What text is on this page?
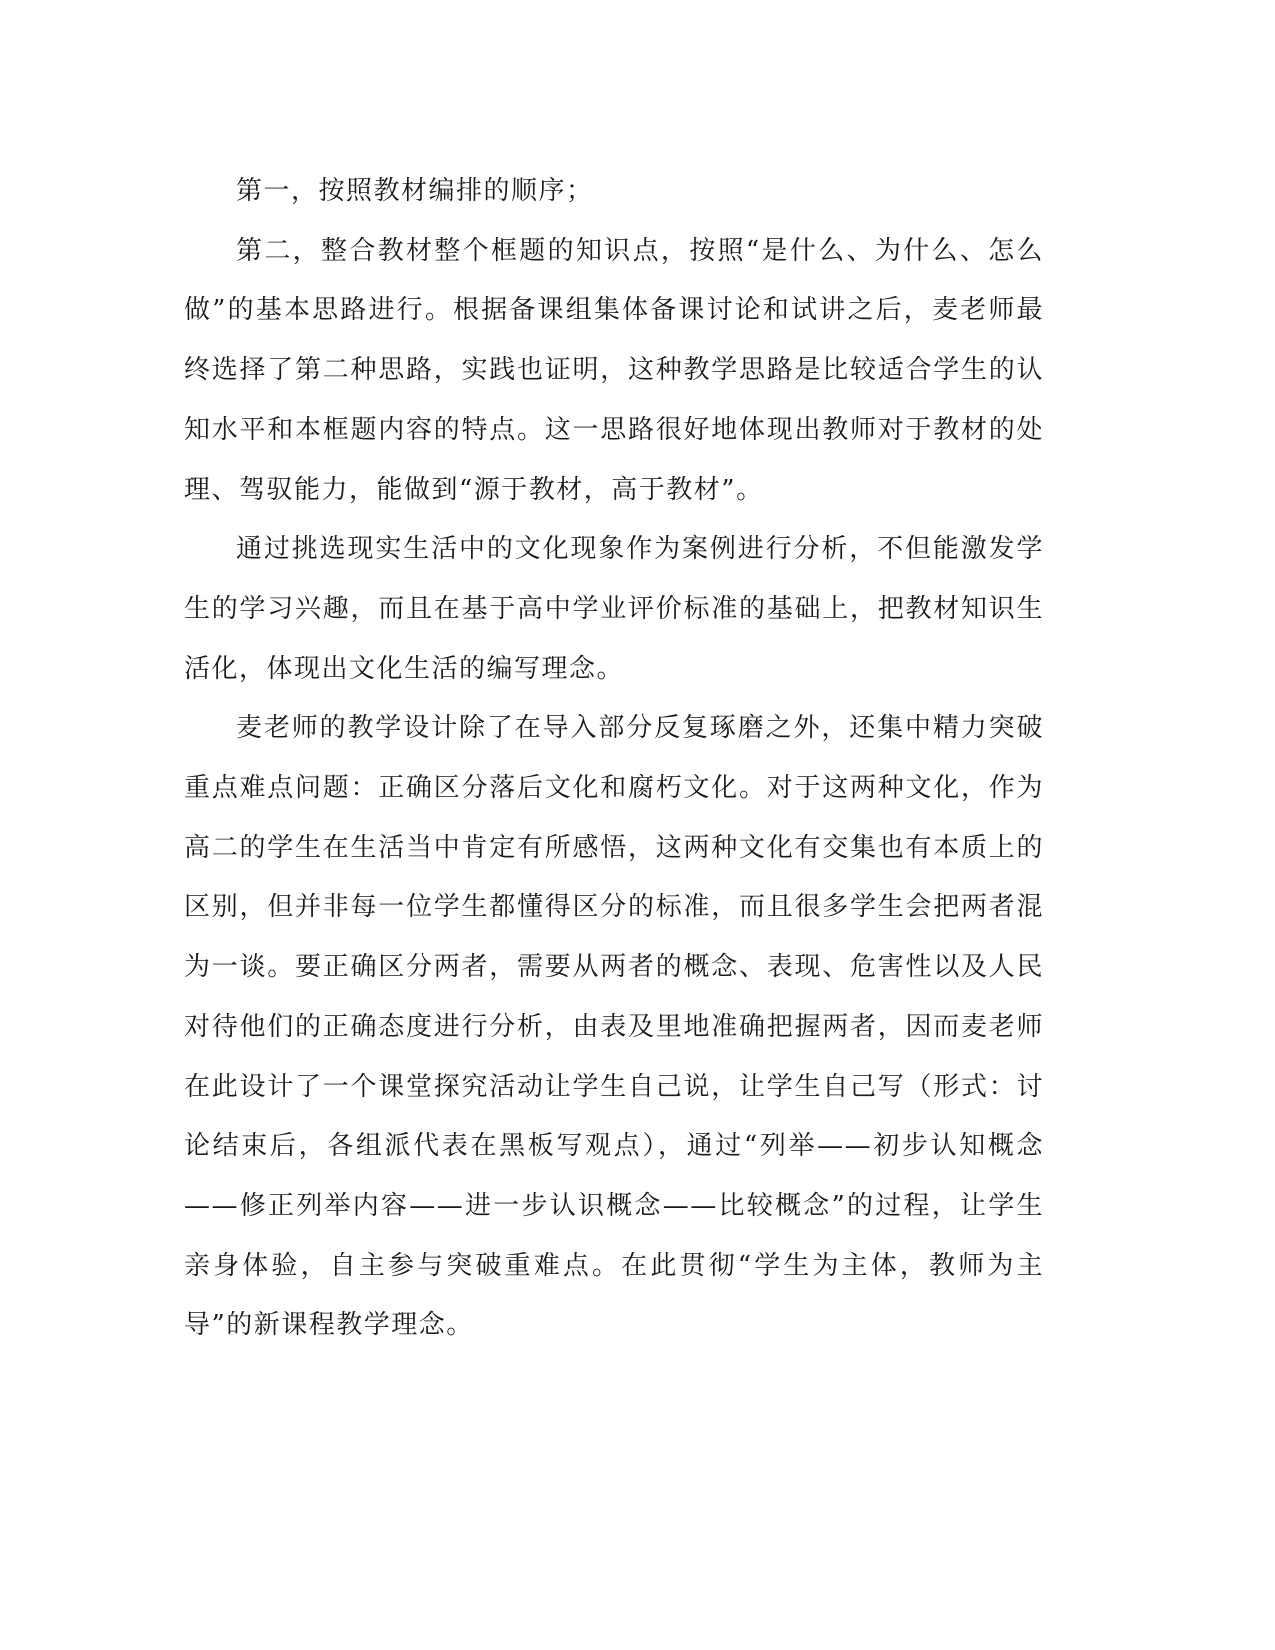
第一，按照教材编排的顺序；

第二，整合教材整个框题的知识点，按照“是什么、为什么、怎么做”的基本思路进行。根据备课组集体备课讨论和试讲之后，麦老师最终选择了第二种思路，实践也证明，这种教学思路是比较适合学生的认知水平和本框题内容的特点。这一思路很好地体现出教师对于教材的处理、驾驭能力，能做到“源于教材，高于教材”。

通过挑选现实生活中的文化现象作为案例进行分析，不但能激发学生的学习兴趣，而且在基于高中学业评价标准的基础上，把教材知识生活化，体现出文化生活的编写理念。

麦老师的教学设计除了在导入部分反复琢磨之外，还集中精力突破重点难点问题：正确区分落后文化和腐朽文化。对于这两种文化，作为高二的学生在生活当中肯定有所感悟，这两种文化有交集也有本质上的区别，但并非每一位学生都懂得区分的标准，而且很多学生会把两者混为一谈。要正确区分两者，需要从两者的概念、表现、危害性以及人民对待他们的正确态度进行分析，由表及里地准确把握两者，因而麦老师在此设计了一个课堂探究活动让学生自己说，让学生自己写（形式：讨论结束后，各组派代表在黑板写观点），通过“列举——初步认知概念——修正列举内容——进一步认识概念——比较概念”的过程，让学生亲身体验，自主参与突破重难点。在此贯彻“学生为主体，教师为主导”的新课程教学理念。
